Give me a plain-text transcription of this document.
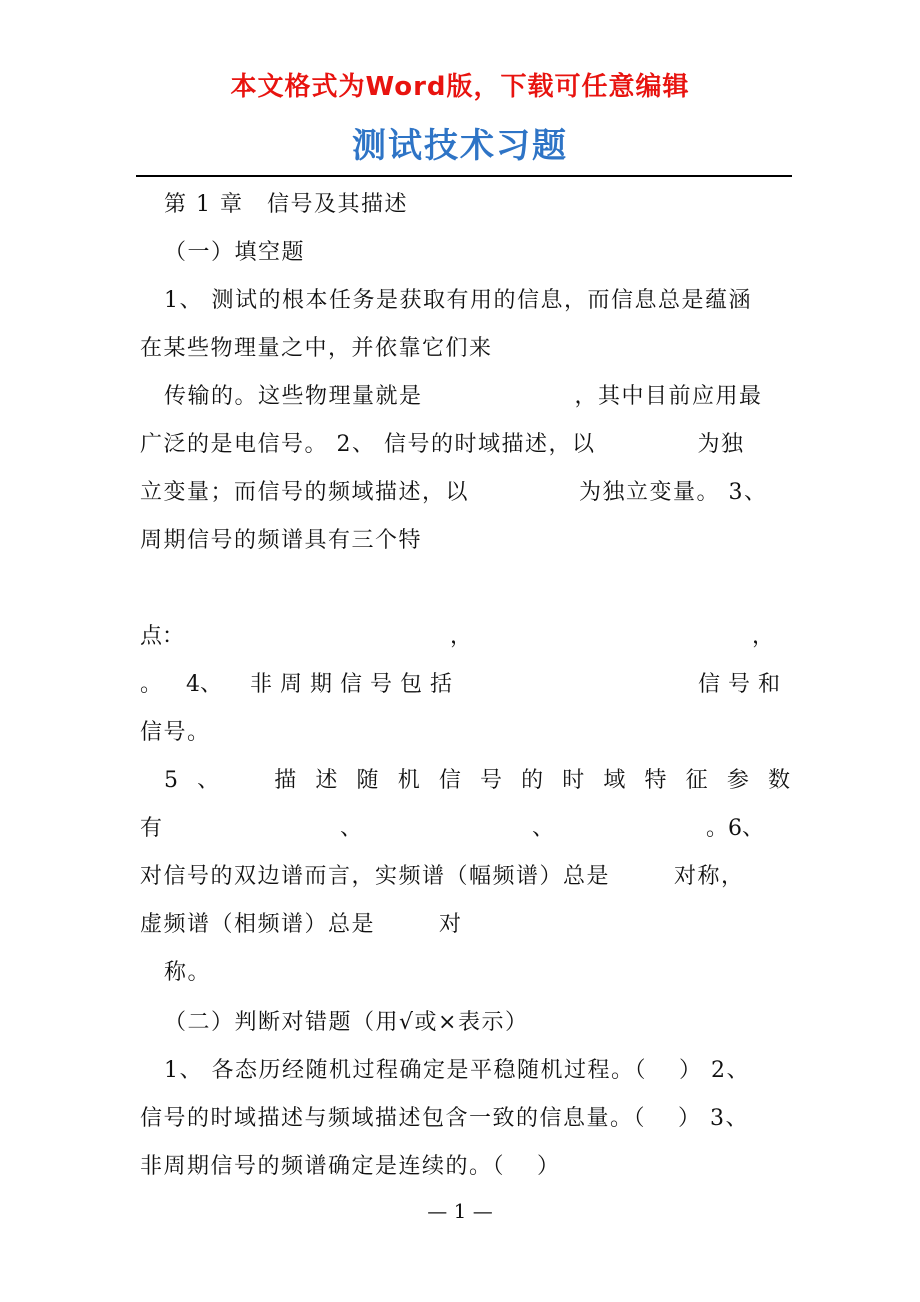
本文格式为Word版，下载可任意编辑
测试技术习题
第 1 章　信号及其描述
（一）填空题
1、 测试的根本任务是获取有用的信息，而信息总是蕴涵
在某些物理量之中，并依靠它们来
传输的。这些物理量就是	，其中目前应用最
广泛的是电信号。 2、 信号的时域描述，以	为独
立变量；而信号的频域描述，以	为独立变量。 3、
周期信号的频谱具有三个特
点：	，	，
。 4、 非 周 期 信 号 包 括	信 号 和
信号。
5 、	描 述 随 机 信 号 的 时 域 特 征 参 数
有	、	、	。6、
对信号的双边谱而言，实频谱（幅频谱）总是	对称，
虚频谱（相频谱）总是	对
称。
（二）判断对错题（用√或×表示）
1、 各态历经随机过程确定是平稳随机过程。（　 ） 2、
信号的时域描述与频域描述包含一致的信息量。（　 ） 3、
非周期信号的频谱确定是连续的。（　 ）
— 1 —
